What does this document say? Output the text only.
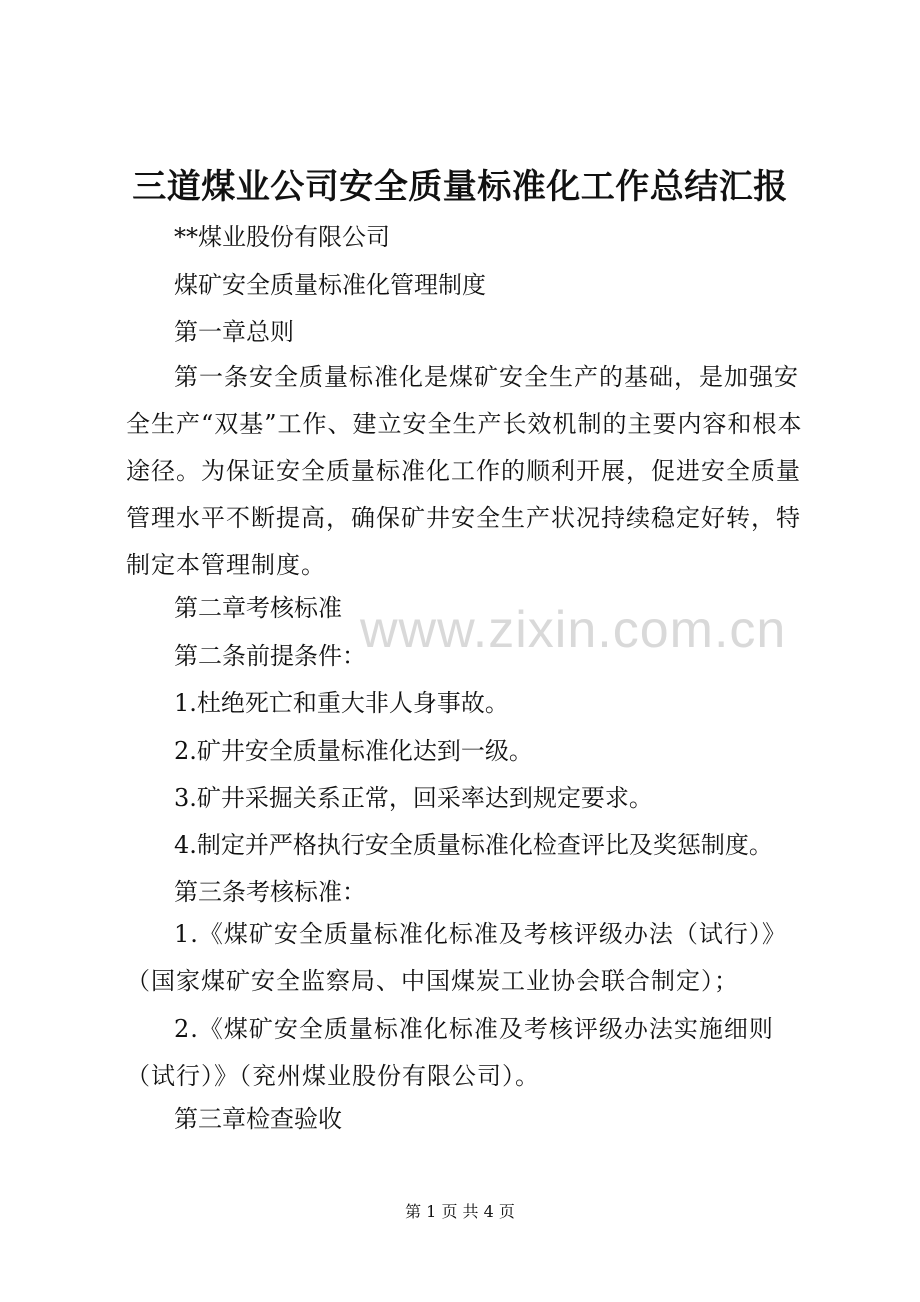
三道煤业公司安全质量标准化工作总结汇报
**煤业股份有限公司
煤矿安全质量标准化管理制度
第一章总则
第一条安全质量标准化是煤矿安全生产的基础，是加强安全生产“双基”工作、建立安全生产长效机制的主要内容和根本途径。为保证安全质量标准化工作的顺利开展，促进安全质量管理水平不断提高，确保矿井安全生产状况持续稳定好转，特制定本管理制度。
第二章考核标准
第二条前提条件：
1.杜绝死亡和重大非人身事故。
2.矿井安全质量标准化达到一级。
3.矿井采掘关系正常，回采率达到规定要求。
4.制定并严格执行安全质量标准化检查评比及奖惩制度。
第三条考核标准：
1.《煤矿安全质量标准化标准及考核评级办法（试行）》（国家煤矿安全监察局、中国煤炭工业协会联合制定）；
2.《煤矿安全质量标准化标准及考核评级办法实施细则（试行）》（兖州煤业股份有限公司）。
第三章检查验收
www.zixin.com.cn
第 1 页 共 4 页
